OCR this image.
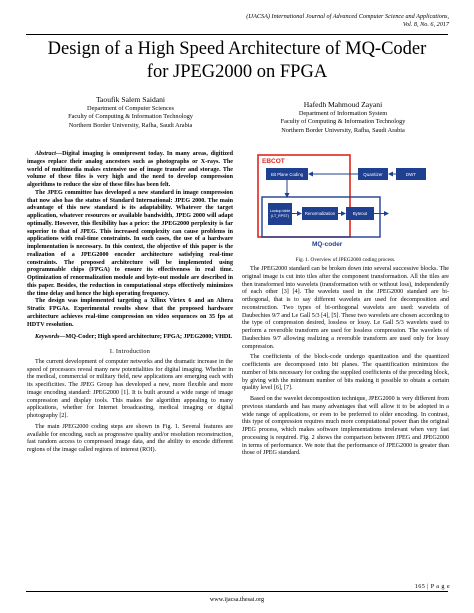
(IJACSA) International Journal of Advanced Computer Science and Applications,
Vol. 8, No. 6, 2017
Design of a High Speed Architecture of MQ-Coder
for JPEG2000 on FPGA
Taoufik Salem Saidani
Department of Computer Sciences
Faculty of Computing & Information Technology
Northern Border University, Rafha, Saudi Arabia
Hafedh Mahmoud Zayani
Department of Information System
Faculty of Computing & Information Technology
Northern Border University, Rafha, Saudi Arabia

Abstract—Digital imaging is omnipresent today. In many areas, digitized images replace their analog ancestors such as photographs or X-rays. The world of multimedia makes extensive use of image transfer and storage. The volume of these files is very high and the need to develop compression algorithms to reduce the size of these files has been felt.

The JPEG committee has developed a new standard in image compression that now also has the status of Standard International: JPEG 2000. The main advantage of this new standard is its adaptability. Whatever the target application, whatever resources or available bandwidth, JPEG 2000 will adapt optimally. However, this flexibility has a price: the JPEG2000 perplexity is far superior to that of JPEG. This increased complexity can cause problems in applications with real-time constraints. In such cases, the use of a hardware implementation is necessary. In this context, the objective of this paper is the realization of a JPEG2000 encoder architecture satisfying real-time constraints. The proposed architecture will be implemented using programmable chips (FPGA) to ensure its effectiveness in real time. Optimization of renormalization module and byte-out module are described in this paper. Besides, the reduction in computational steps effectively minimizes the time delay and hence the high operating frequency.

The design was implemented targeting a Xilinx Virtex 6 and an Altera Stratix FPGAs. Experimental results show that the proposed hardware architecture achieves real-time compression on video sequences on 35 fps at HDTV resolution.

Keywords—MQ-Coder; High speed architecture; FPGA; JPEG2000; VHDL

I. Introduction

The current development of computer networks and the dramatic increase in the speed of processors reveal many new potentialities for digital imaging. Whether in the medical, commercial or military field, new applications are emerging each with its specificities. The JPEG Group has developed a new, more flexible and more image encoding standard: JPEG2000 [1]. It is built around a wide range of image compression and display tools. This makes the algorithm appealing to many applications, whether for Internet broadcasting, medical imaging or digital photography [2].

The main JPEG2000 coding steps are shown in Fig. 1. Several features are available for encoding, such as progressive quality and/or resolution reconstruction, fast random access to compressed image data, and the ability to encode different regions of the image called regions of interest (ROI).

EBCOT
Bit Plane Coding	Quantizer	DWT
Lookup table
(LT_RPST)	Renormalization	Byteout
MQ-coder
Fig. 1. Overview of JPEG2000 coding process.

The JPEG2000 standard can be broken down into several successive blocks. The original image is cut into tiles after the component transformation. All the tiles are then transformed into wavelets (transformation with or without loss), independently of each other [3] [4]. The wavelets used in the JPEG2000 standard are bi-orthogonal, that is to say different wavelets are used for decomposition and reconstruction. Two types of bi-orthogonal wavelets are used: wavelets of Daubechies 9/7 and Le Gall 5/3 [4], [5]. These two wavelets are chosen according to the type of compression desired, lossless or lossy. Le Gall 5/3 wavelets used to perform a reversible transform are used for lossless compression. The wavelets of Daubechies 9/7 allowing realizing a reversible transform are used only for lossy compression.

The coefficients of the block-code undergo quantization and the quantized coefficients are decomposed into bit planes. The quantification minimizes the number of bits necessary for coding the supplied coefficients of the preceding block, by giving with the minimum number of bits making it possible to obtain a certain quality level [6], [7].

Based on the wavelet decomposition technique, JPEG2000 is very different from previous standards and has many advantages that will allow it to be adopted in a wide range of applications, or even to be preferred to older encoding. In contrast, this type of compression requires much more computational power than the original JPEG process, which makes software implementations irrelevant when very fast processing is required. Fig. 2 shows the comparison between JPEG and JPEG2000 in terms of performance. We note that the performance of JPEG2000 is greater than those of JPEG standard.

165 | P a g e
www.ijacsa.thesai.org
